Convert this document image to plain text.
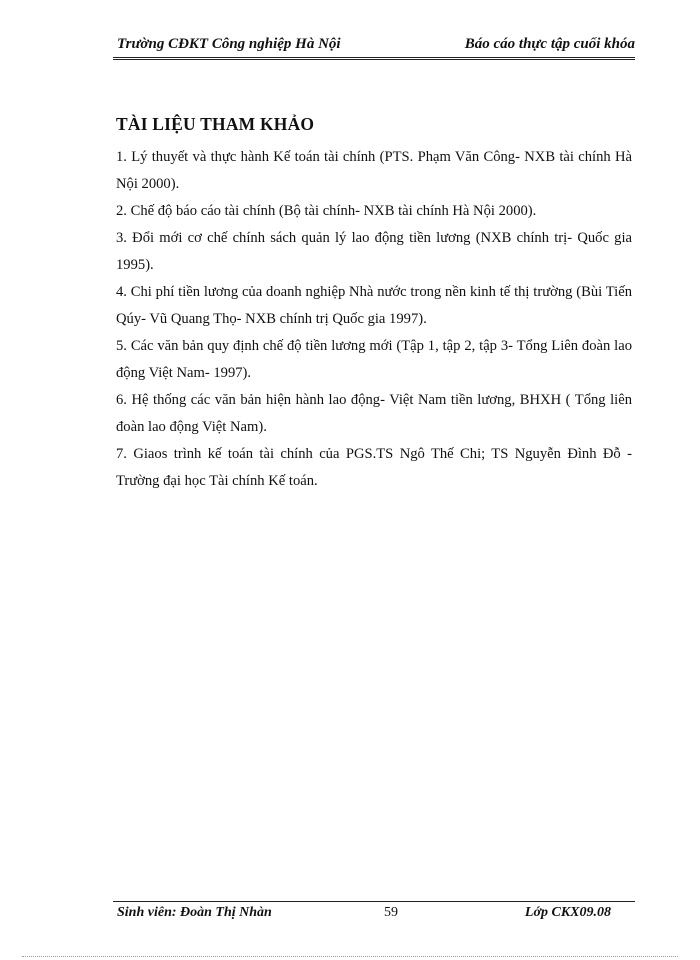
Trường CĐKT Công nghiệp Hà Nội	Báo cáo thực tập cuối khóa
TÀI LIỆU THAM KHẢO
1. Lý thuyết và thực hành Kế toán tài chính (PTS. Phạm Văn Công- NXB tài chính Hà Nội 2000).
2. Chế độ báo cáo tài chính (Bộ tài chính- NXB tài chính Hà Nội 2000).
3. Đổi mới cơ chế chính sách quản lý lao động tiền lương (NXB chính trị- Quốc gia 1995).
4. Chi phí tiền lương của doanh nghiệp Nhà nước trong nền kinh tế thị trường (Bùi Tiến Qúy- Vũ Quang Thọ- NXB chính trị Quốc gia 1997).
5. Các văn bản quy định chế độ tiền lương mới (Tập 1, tập 2, tập 3- Tổng Liên đoàn lao động Việt Nam- 1997).
6. Hệ thống các văn bản hiện hành lao động- Việt Nam tiền lương, BHXH ( Tổng liên đoàn lao động Việt Nam).
7. Giaos trình kế toán tài chính của PGS.TS Ngô Thế Chi; TS Nguyễn Đình Đỗ - Trường đại học Tài chính Kế toán.
Sinh viên: Đoàn Thị Nhàn	59	Lớp CKX09.08
